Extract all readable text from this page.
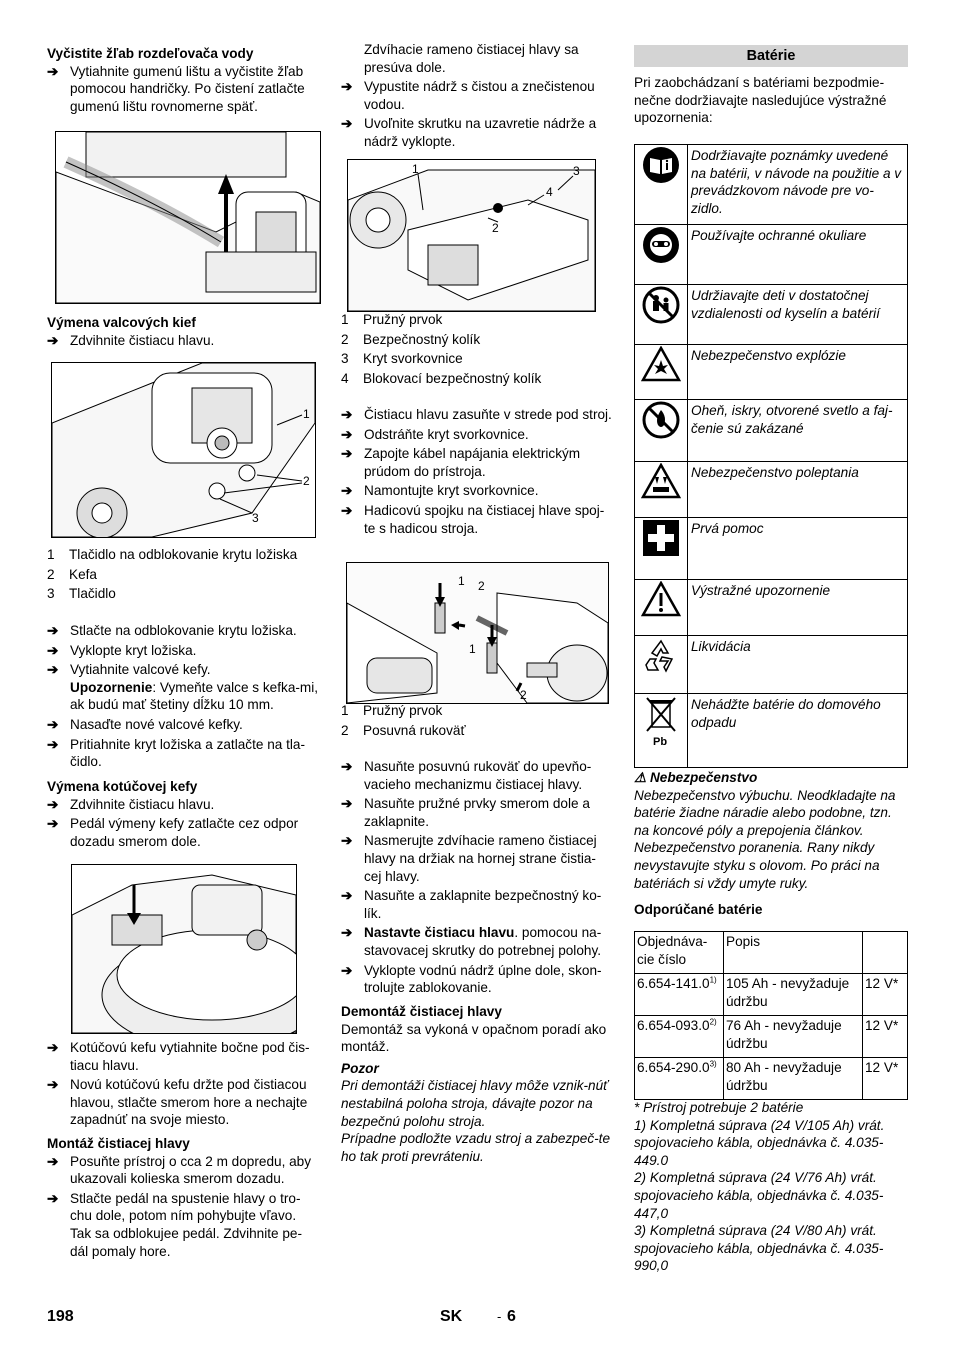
Vyčistite žľab rozdeľovača vody

➔ Vytiahnite gumenú lištu a vyčistite žľab pomocou handričky. Po čistení zatlačte gumenú lištu rovnomerne späť.

Výmena valcových kief

➔ Zdvihnite čistiacu hlavu.

1
2
3

1 Tlačidlo na odblokovanie krytu ložiska

2 Kefa

3 Tlačidlo

➔ Stlačte na odblokovanie krytu ložiska.

➔ Vyklopte kryt ložiska.

➔ Vytiahnite valcové kefy.

Upozornenie: Vymeňte valce s kefka-mi, ak budú mať štetiny dĺžku 10 mm.

➔ Nasaďte nové valcové kefky.

➔ Pritiahnite kryt ložiska a zatlačte na tla-čidlo.

Výmena kotúčovej kefy

➔ Zdvihnite čistiacu hlavu.

➔ Pedál výmeny kefy zatlačte cez odpor dozadu smerom dole.

➔ Kotúčovú kefu vytiahnite bočne pod čis-tiacu hlavu.

➔ Novú kotúčovú kefu držte pod čistiacou hlavou, stlačte smerom hore a nechajte zapadnúť na svoje miesto.

Montáž čistiacej hlavy

➔ Posuňte prístroj o cca 2 m dopredu, aby ukazovali kolieska smerom dozadu.

➔ Stlačte pedál na spustenie hlavy o tro-chu dole, potom ním pohybujte vľavo. Tak sa odblokujee pedál. Zdvihnite pe-dál pomaly hore.

Zdvíhacie rameno čistiacej hlavy sa presúva dole.

➔ Vypustite nádrž s čistou a znečistenou vodou.

➔ Uvoľnite skrutku na uzavretie nádrže a nádrž vyklopte.

1	3
4
2

1 Pružný prvok

2 Bezpečnostný kolík

3 Kryt svorkovnice

4 Blokovací bezpečnostný kolík

➔ Čistiacu hlavu zasuňte v strede pod stroj.

➔ Odstráňte kryt svorkovnice.

➔ Zapojte kábel napájania elektrickým prúdom do prístroja.

➔ Namontujte kryt svorkovnice.

➔ Hadicovú spojku na čistiacej hlave spoj-te s hadicou stroja.

1 2
1
2

1 Pružný prvok

2 Posuvná rukoväť

➔ Nasuňte posuvnú rukoväť do upevňo-vacieho mechanizmu čistiacej hlavy.

➔ Nasuňte pružné prvky smerom dole a zaklapnite.

➔ Nasmerujte zdvíhacie rameno čistiacej hlavy na držiak na hornej strane čistia-cej hlavy.

➔ Nasuňte a zaklapnite bezpečnostný ko-lík.

➔ Nastavte čistiacu hlavu. pomocou na-stavovacej skrutky do potrebnej polohy.

➔ Vyklopte vodnú nádrž úplne dole, skon-trolujte zablokovanie.

Demontáž čistiacej hlavy

Demontáž sa vykoná v opačnom poradí ako montáž.

Pozor

Pri demontáži čistiacej hlavy môže vznik-núť nestabilná poloha stroja, dávajte pozor na bezpečnú polohu stroja.

Prípadne podložte vzadu stroj a zabezpeč-te ho tak proti prevráteniu.

Batérie

Pri zaobchádzaní s batériami bezpodmie-nečne dodržiavajte nasledujúce výstražné upozornenia:

	Dodržiavajte poznámky uvedené na batérii, v návode na použitie a v prevádzkovom návode pre vo-zidlo.
	Používajte ochranné okuliare
	Udržiavajte deti v dostatočnej vzdialenosti od kyselín a batérií
	Nebezpečenstvo explózie
	Oheň, iskry, otvorené svetlo a faj-čenie sú zakázané
	Nebezpečenstvo poleptania
	Prvá pomoc
	Výstražné upozornenie
	Likvidácia

Pb	Nehádžte batérie do domového odpadu

⚠ Nebezpečenstvo

Nebezpečenstvo výbuchu. Neodkladajte na batérie žiadne náradie alebo podobne, tzn. na koncové póly a prepojenia článkov. Nebezpečenstvo poranenia. Rany nikdy nevystavujte styku s olovom. Po práci na batériách si vždy umyte ruky.

Odporúčané batérie

Objednáva-cie číslo	Popis	
6.654-141.0$^{1)}$	105 Ah - nevyžaduje údržbu	12 V*
6.654-093.0$^{2)}$	76 Ah - nevyžaduje údržbu	12 V*
6.654-290.0$^{3)}$	80 Ah - nevyžaduje údržbu	12 V*

* Prístroj potrebuje 2 batérie

1) Kompletná súprava (24 V/105 Ah) vrát. spojovacieho kábla, objednávka č. 4.035-449.0

2) Kompletná súprava (24 V/76 Ah) vrát. spojovacieho kábla, objednávka č. 4.035-447,0

3) Kompletná súprava (24 V/80 Ah) vrát. spojovacieho kábla, objednávka č. 4.035-990,0

198	SK	- 6
